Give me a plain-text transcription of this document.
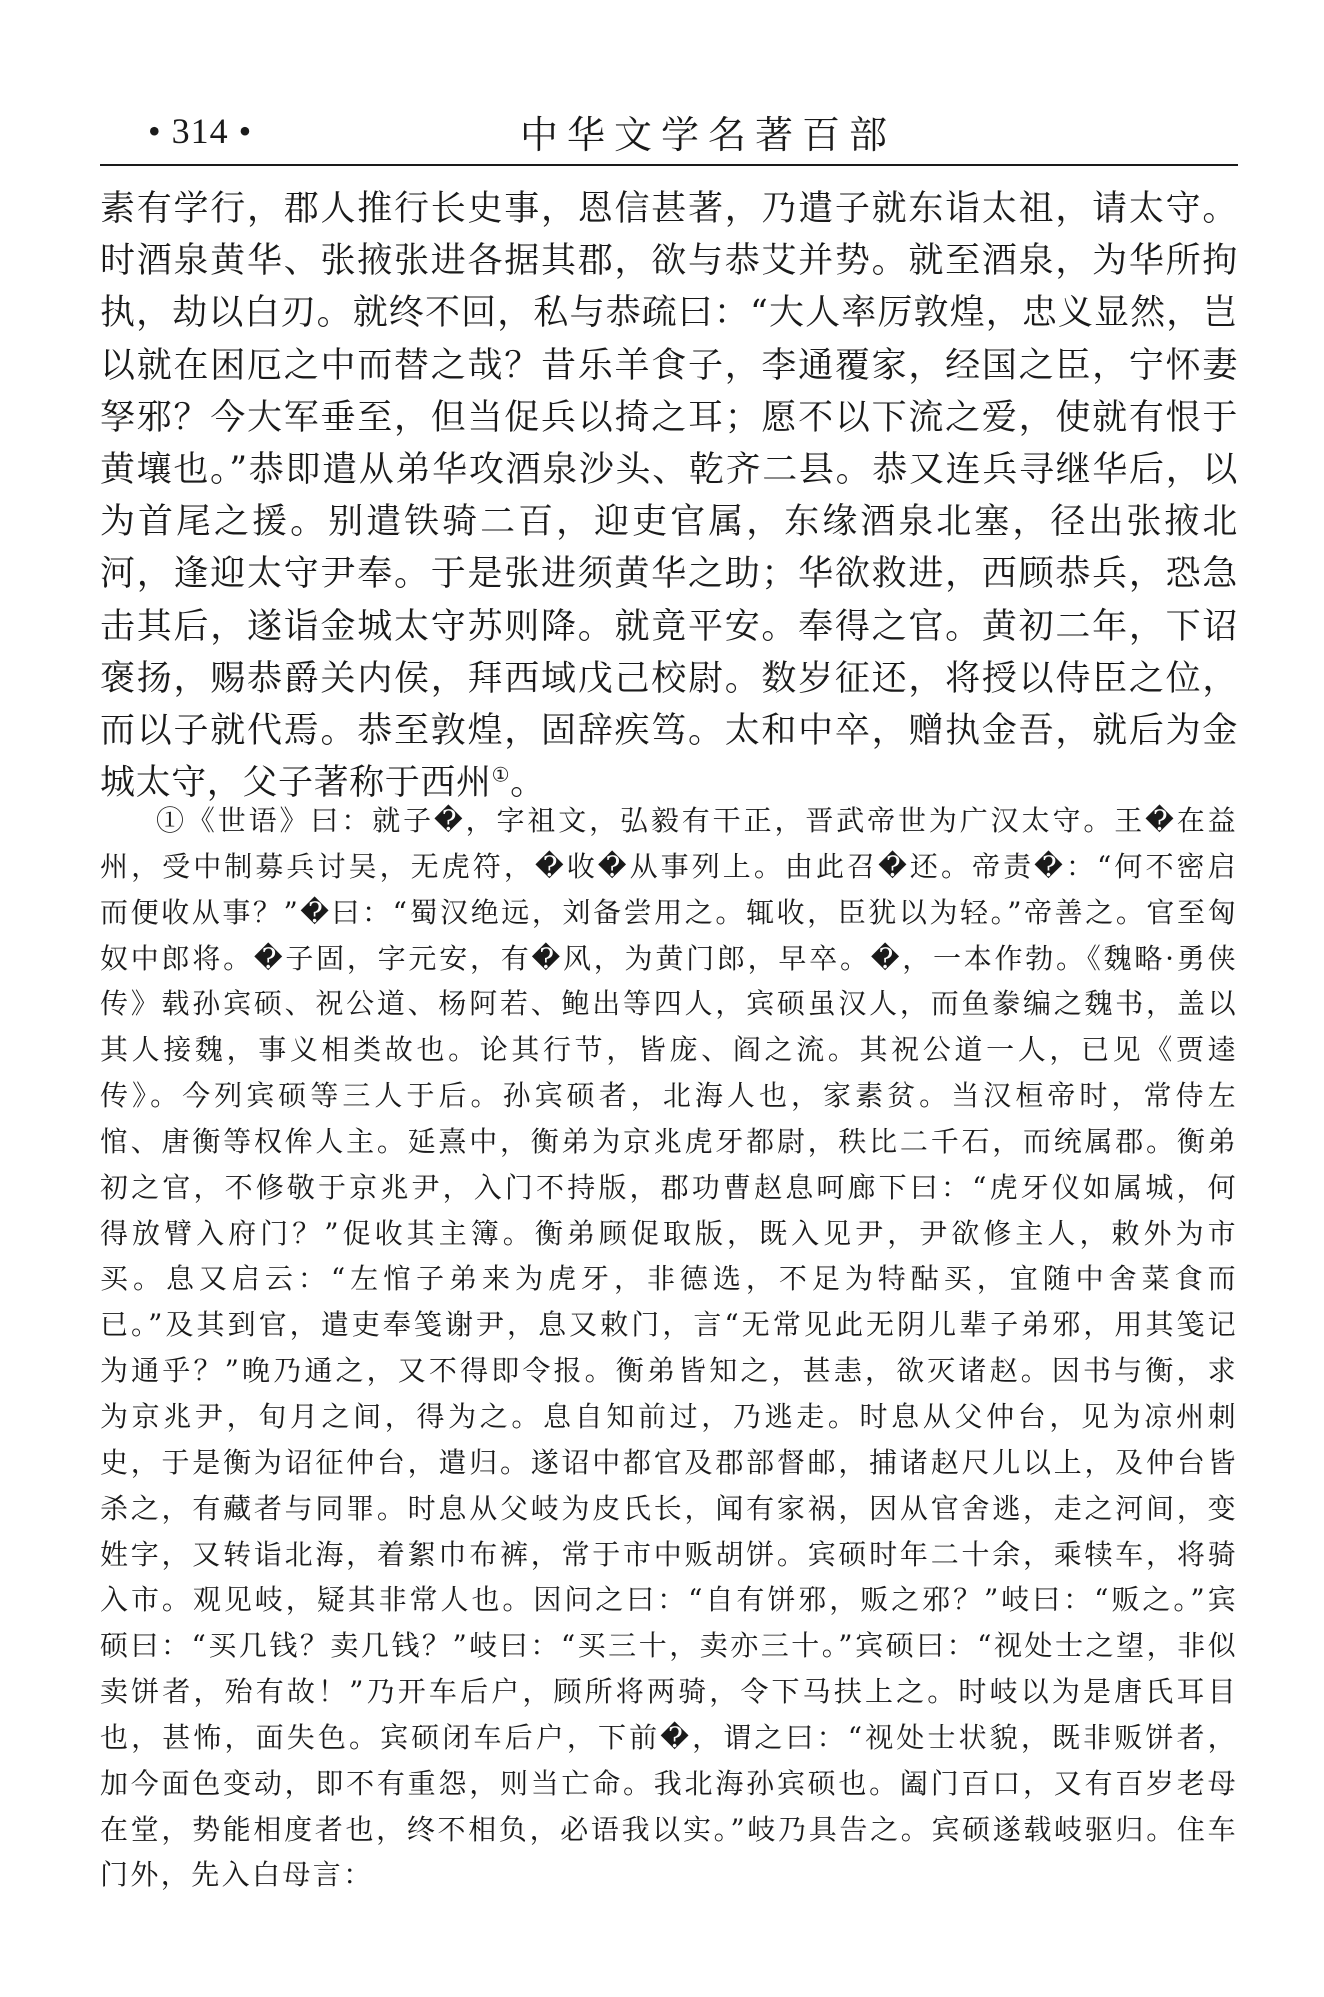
• 314 •	中华文学名著百部

素有学行，郡人推行长史事，恩信甚著，乃遣子就东诣太祖，请太守。时酒泉黄华、张掖张进各据其郡，欲与恭艾并势。就至酒泉，为华所拘执，劫以白刃。就终不回，私与恭疏曰：“大人率厉敦煌，忠义显然，岂以就在困厄之中而替之哉？昔乐羊食子，李通覆家，经国之臣，宁怀妻孥邪？今大军垂至，但当促兵以掎之耳；愿不以下流之爱，使就有恨于黄壤也。”恭即遣从弟华攻酒泉沙头、乾齐二县。恭又连兵寻继华后，以为首尾之援。别遣铁骑二百，迎吏官属，东缘酒泉北塞，径出张掖北河，逢迎太守尹奉。于是张进须黄华之助；华欲救进，西顾恭兵，恐急击其后，遂诣金城太守苏则降。就竟平安。奉得之官。黄初二年，下诏褒扬，赐恭爵关内侯，拜西域戊己校尉。数岁征还，将授以侍臣之位，而以子就代焉。恭至敦煌，固辞疾笃。太和中卒，赠执金吾，就后为金城太守，父子著称于西州①。

①《世语》曰：就子�，字祖文，弘毅有干正，晋武帝世为广汉太守。王�在益州，受中制募兵讨吴，无虎符，�收�从事列上。由此召�还。帝责�：“何不密启而便收从事？”�曰：“蜀汉绝远，刘备尝用之。辄收，臣犹以为轻。”帝善之。官至匈奴中郎将。�子固，字元安，有�风，为黄门郎，早卒。�，一本作勃。《魏略·勇侠传》载孙宾硕、祝公道、杨阿若、鲍出等四人，宾硕虽汉人，而鱼豢编之魏书，盖以其人接魏，事义相类故也。论其行节，皆庞、阎之流。其祝公道一人，已见《贾逵传》。今列宾硕等三人于后。孙宾硕者，北海人也，家素贫。当汉桓帝时，常侍左悺、唐衡等权侔人主。延熹中，衡弟为京兆虎牙都尉，秩比二千石，而统属郡。衡弟初之官，不修敬于京兆尹，入门不持版，郡功曹赵息呵廊下曰：“虎牙仪如属城，何得放臂入府门？”促收其主簿。衡弟顾促取版，既入见尹，尹欲修主人，敕外为市买。息又启云：“左悺子弟来为虎牙，非德选，不足为特酤买，宜随中舍菜食而已。”及其到官，遣吏奉笺谢尹，息又敕门，言“无常见此无阴儿辈子弟邪，用其笺记为通乎？”晚乃通之，又不得即令报。衡弟皆知之，甚恚，欲灭诸赵。因书与衡，求为京兆尹，旬月之间，得为之。息自知前过，乃逃走。时息从父仲台，见为凉州刺史，于是衡为诏征仲台，遣归。遂诏中都官及郡部督邮，捕诸赵尺儿以上，及仲台皆杀之，有藏者与同罪。时息从父岐为皮氏长，闻有家祸，因从官舍逃，走之河间，变姓字，又转诣北海，着絮巾布裤，常于市中贩胡饼。宾硕时年二十余，乘犊车，将骑入市。观见岐，疑其非常人也。因问之曰：“自有饼邪，贩之邪？”岐曰：“贩之。”宾硕曰：“买几钱？卖几钱？”岐曰：“买三十，卖亦三十。”宾硕曰：“视处士之望，非似卖饼者，殆有故！”乃开车后户，顾所将两骑，令下马扶上之。时岐以为是唐氏耳目也，甚怖，面失色。宾硕闭车后户，下前�，谓之曰：“视处士状貌，既非贩饼者，加今面色变动，即不有重怨，则当亡命。我北海孙宾硕也。阖门百口，又有百岁老母在堂，势能相度者也，终不相负，必语我以实。”岐乃具告之。宾硕遂载岐驱归。住车门外，先入白母言：
